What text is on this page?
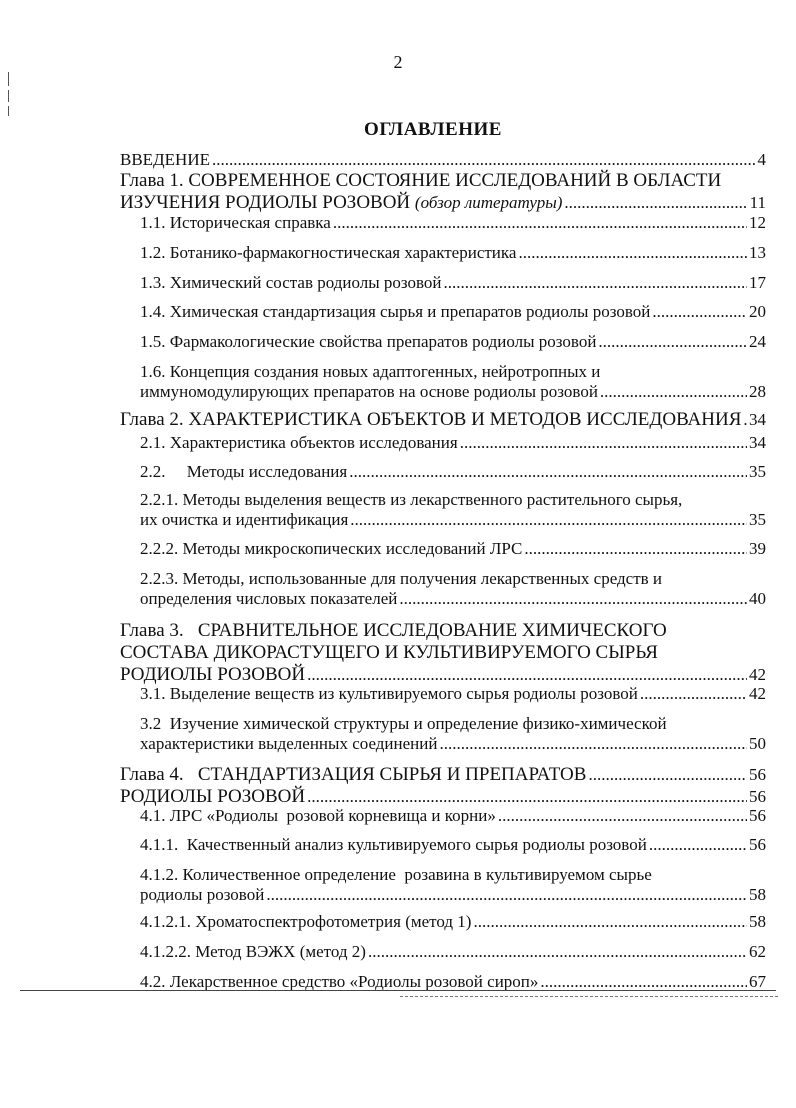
2
ОГЛАВЛЕНИЕ
ВВЕДЕНИЕ .....	4
Глава 1. СОВРЕМЕННОЕ СОСТОЯНИЕ ИССЛЕДОВАНИЙ В ОБЛАСТИ
ИЗУЧЕНИЯ РОДИОЛЫ РОЗОВОЙ
(обзор литературы) .....	11
1.1. Историческая справка .....	12
1.2. Ботанико-фармакогностическая характеристика .....	13
1.3. Химический состав родиолы розовой .....	17
1.4. Химическая стандартизация сырья и препаратов родиолы розовой .....	20
1.5. Фармакологические свойства препаратов родиолы розовой .....	24
1.6. Концепция создания новых адаптогенных, нейротропных и
иммуномодулирующих препаратов на основе родиолы розовой .....	28
Глава 2. ХАРАКТЕРИСТИКА ОБЪЕКТОВ И МЕТОДОВ ИССЛЕДОВАНИЯ ..... 34
2.1. Характеристика объектов исследования .....	34
2.2.     Методы исследования .....	35
2.2.1. Методы выделения веществ из лекарственного растительного сырья,
их очистка и идентификация .....	35
2.2.2. Методы микроскопических исследований ЛРС .....	39
2.2.3. Методы, использованные для получения лекарственных средств и
определения числовых показателей .....	40
Глава 3.   СРАВНИТЕЛЬНОЕ ИССЛЕДОВАНИЕ ХИМИЧЕСКОГО
СОСТАВА ДИКОРАСТУЩЕГО И КУЛЬТИВИРУЕМОГО СЫРЬЯ
РОДИОЛЫ РОЗОВОЙ .....	42
3.1. Выделение веществ из культивируемого сырья родиолы розовой .....	42
3.2  Изучение химической структуры и определение физико-химической
характеристики выделенных соединений .....	50
Глава 4.   СТАНДАРТИЗАЦИЯ СЫРЬЯ И ПРЕПАРАТОВ .....	56
РОДИОЛЫ РОЗОВОЙ .....	56
4.1. ЛРС «Родиолы  розовой корневища и корни» .....	56
4.1.1.  Качественный анализ культивируемого сырья родиолы розовой .....	56
4.1.2. Количественное определение  розавина в культивируемом сырье
родиолы розовой .....	58
4.1.2.1. Хроматоспектрофотометрия (метод 1) .....	58
4.1.2.2. Метод ВЭЖХ (метод 2) .....	62
4.2. Лекарственное средство «Родиолы розовой сироп» .....	67
